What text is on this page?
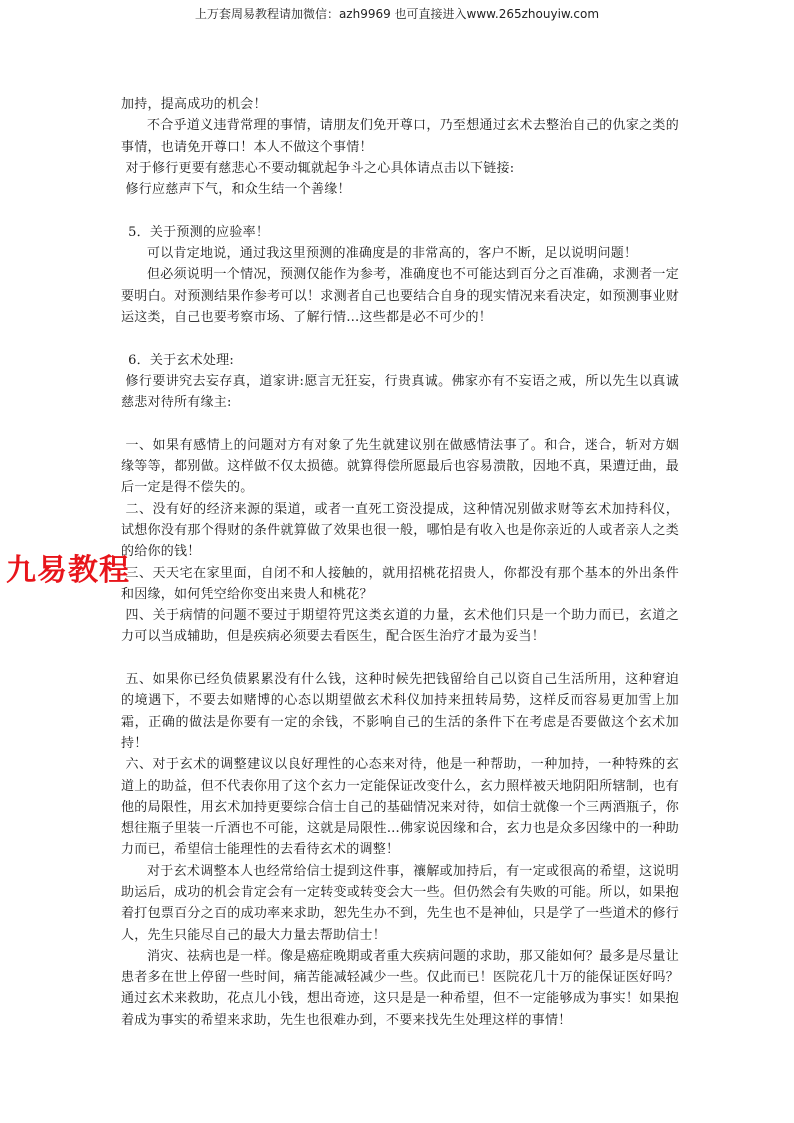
上万套周易教程请加微信：azh9969 也可直接进入www.265zhouyiw.com

加持，提高成功的机会！

不合乎道义违背常理的事情，请朋友们免开尊口，乃至想通过玄术去整治自己的仇家之类的事情，也请免开尊口！本人不做这个事情！

对于修行更要有慈悲心不要动辄就起争斗之心具体请点击以下链接:

修行应慈声下气，和众生结一个善缘！

5．关于预测的应验率！

可以肯定地说，通过我这里预测的准确度是的非常高的，客户不断，足以说明问题！

但必须说明一个情况，预测仅能作为参考，准确度也不可能达到百分之百准确，求测者一定要明白。对预测结果作参考可以！求测者自己也要结合自身的现实情况来看决定，如预测事业财运这类，自己也要考察市场、了解行情…这些都是必不可少的！

6．关于玄术处理:

修行要讲究去妄存真，道家讲:愿言无狂妄，行贵真诚。佛家亦有不妄语之戒，所以先生以真诚慈悲对待所有缘主:

一、如果有感情上的问题对方有对象了先生就建议别在做感情法事了。和合，迷合，斩对方姻缘等等，都别做。这样做不仅太损德。就算得偿所愿最后也容易溃散，因地不真，果遭迂曲，最后一定是得不偿失的。

二、没有好的经济来源的渠道，或者一直死工资没提成，这种情况别做求财等玄术加持科仪，试想你没有那个得财的条件就算做了效果也很一般，哪怕是有收入也是你亲近的人或者亲人之类的给你的钱！

三、天天宅在家里面，自闭不和人接触的，就用招桃花招贵人，你都没有那个基本的外出条件和因缘，如何凭空给你变出来贵人和桃花？

四、关于病情的问题不要过于期望符咒这类玄道的力量，玄术他们只是一个助力而已，玄道之力可以当成辅助，但是疾病必须要去看医生，配合医生治疗才最为妥当！

五、如果你已经负债累累没有什么钱，这种时候先把钱留给自己以资自己生活所用，这种窘迫的境遇下，不要去如赌博的心态以期望做玄术科仪加持来扭转局势，这样反而容易更加雪上加霜，正确的做法是你要有一定的余钱，不影响自己的生活的条件下在考虑是否要做这个玄术加持！

六、对于玄术的调整建议以良好理性的心态来对待，他是一种帮助，一种加持，一种特殊的玄道上的助益，但不代表你用了这个玄力一定能保证改变什么，玄力照样被天地阴阳所辖制，也有他的局限性，用玄术加持更要综合信士自己的基础情况来对待，如信士就像一个三两酒瓶子，你想往瓶子里装一斤酒也不可能，这就是局限性…佛家说因缘和合，玄力也是众多因缘中的一种助力而已，希望信士能理性的去看待玄术的调整！

对于玄术调整本人也经常给信士提到这件事，禳解或加持后，有一定或很高的希望，这说明助运后，成功的机会肯定会有一定转变或转变会大一些。但仍然会有失败的可能。所以，如果抱着打包票百分之百的成功率来求助，恕先生办不到，先生也不是神仙，只是学了一些道术的修行人，先生只能尽自己的最大力量去帮助信士！

消灾、祛病也是一样。像是癌症晚期或者重大疾病问题的求助，那又能如何？最多是尽量让患者多在世上停留一些时间，痛苦能减轻减少一些。仅此而已！医院花几十万的能保证医好吗？通过玄术来救助，花点儿小钱，想出奇迹，这只是是一种希望，但不一定能够成为事实！如果抱着成为事实的希望来求助，先生也很难办到，不要来找先生处理这样的事情！

九易教程
